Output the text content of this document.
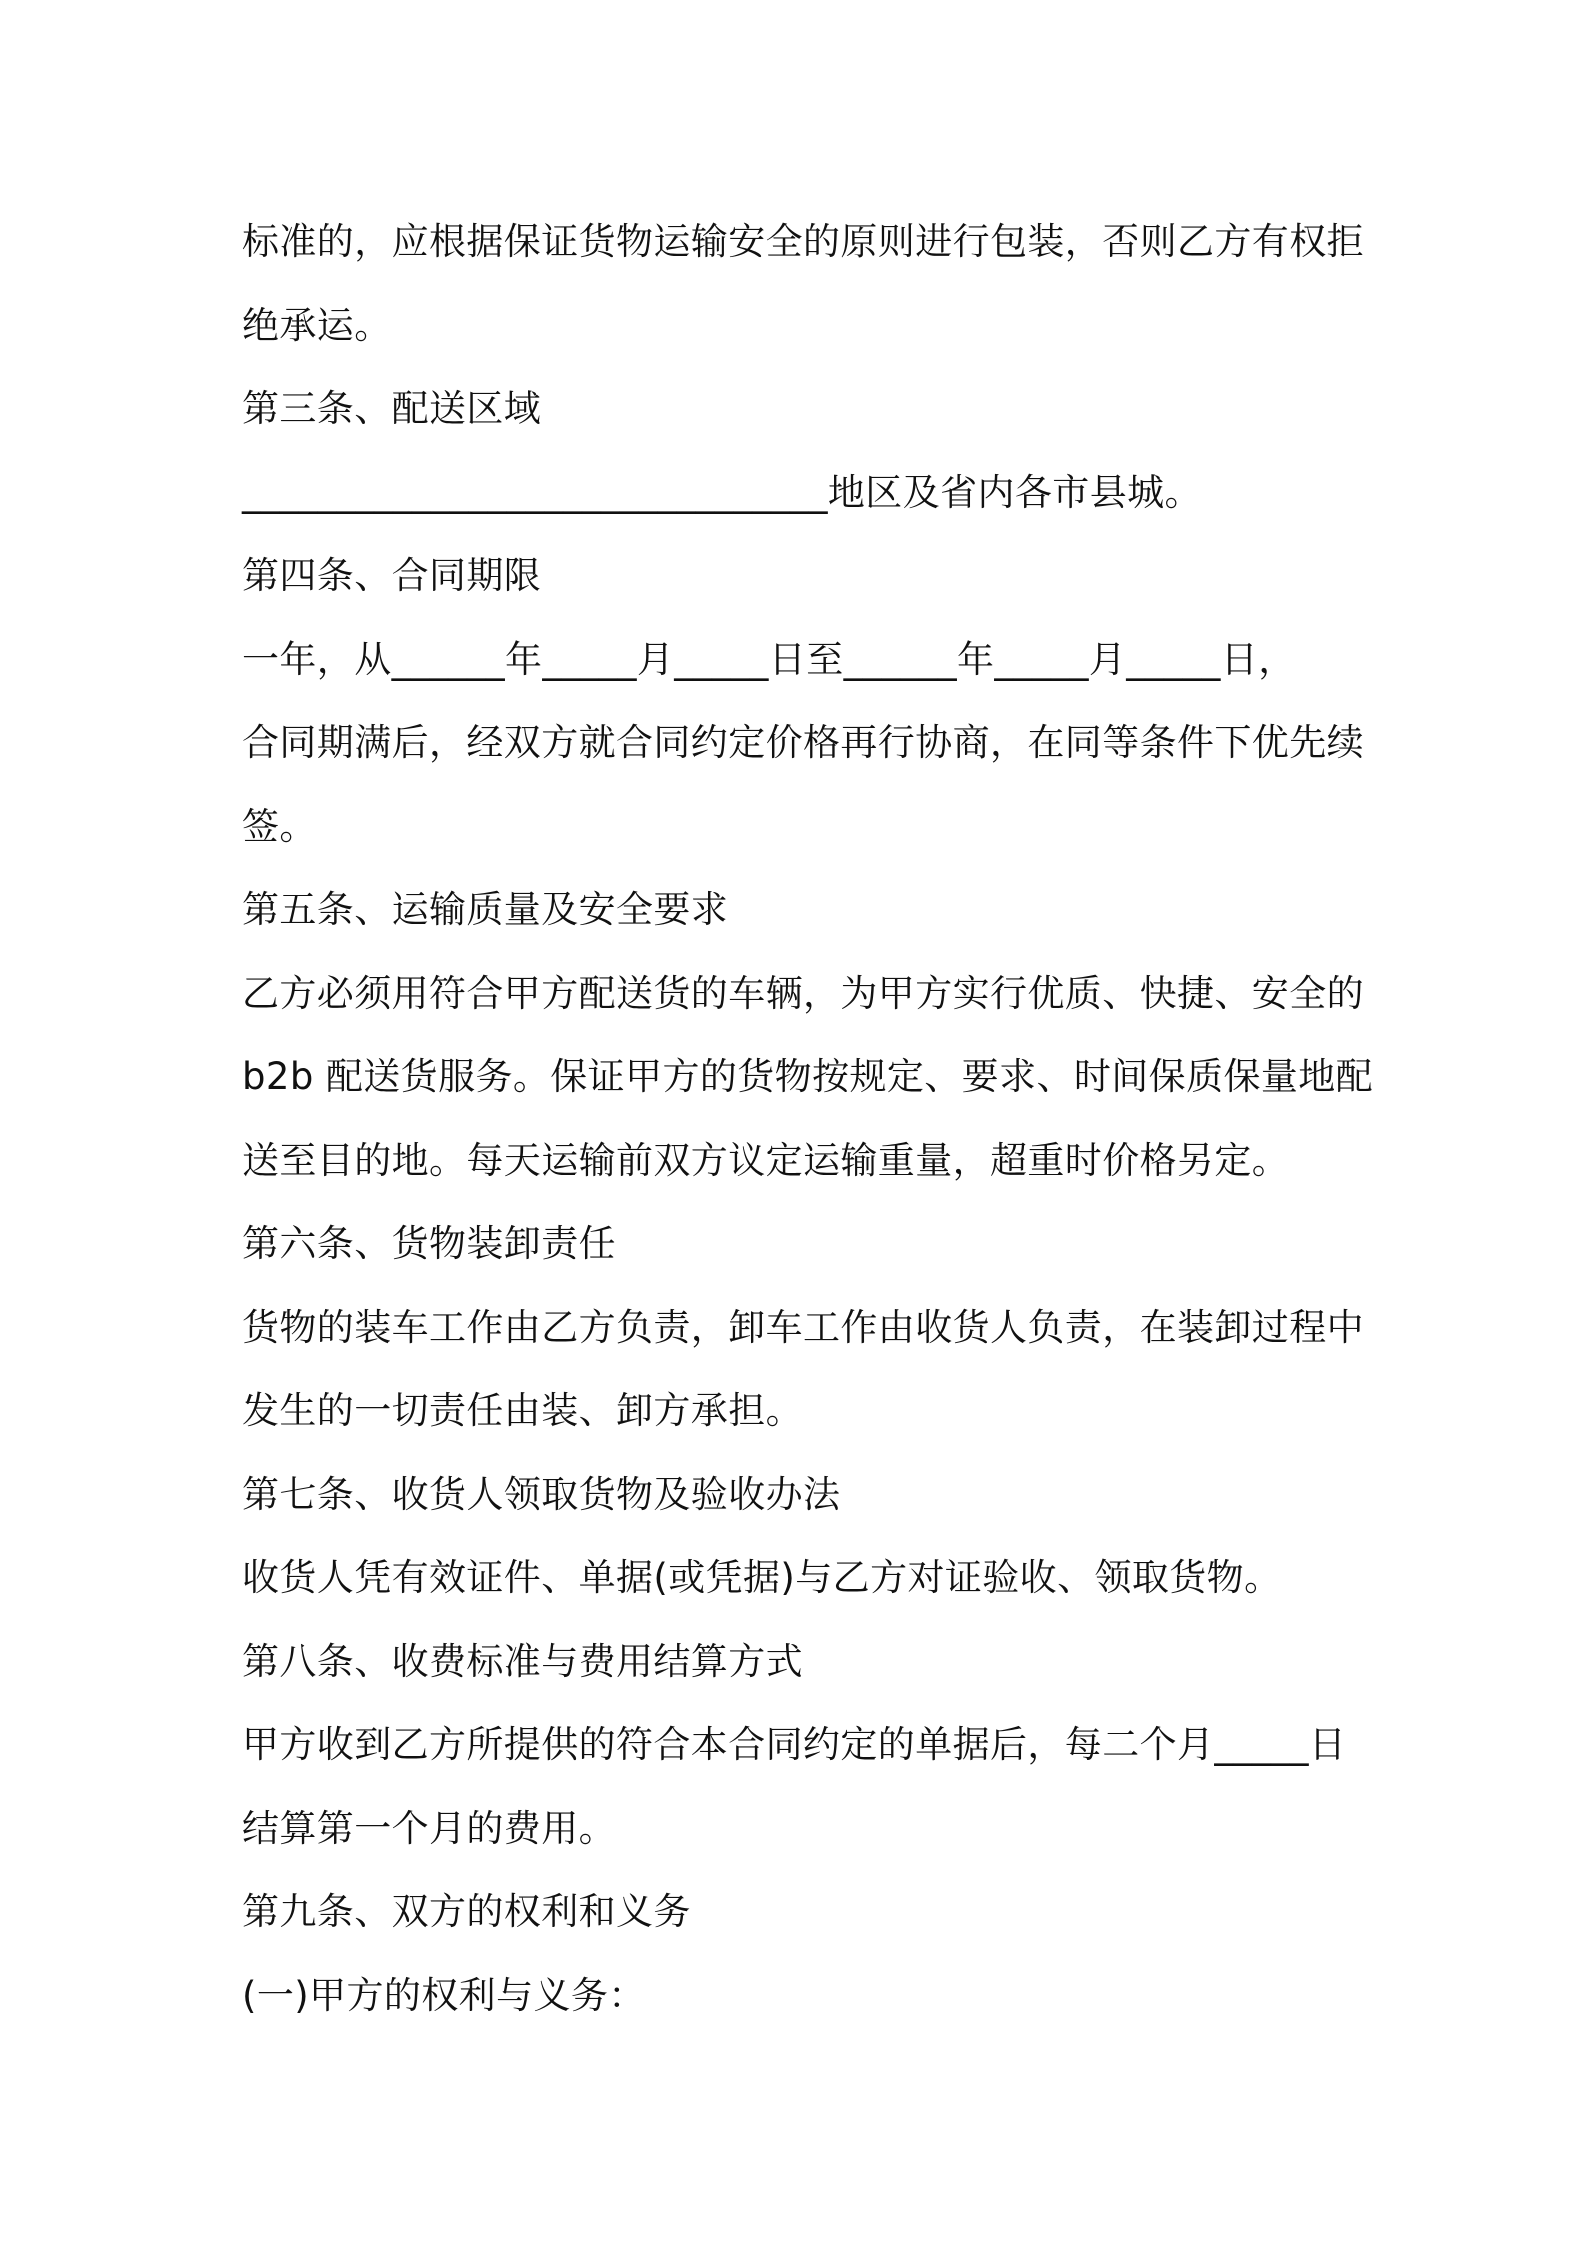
标准的，应根据保证货物运输安全的原则进行包装，否则乙方有权拒
绝承运。
第三条、配送区域
_______________________________地区及省内各市县城。
第四条、合同期限
一年，从______年_____月_____日至______年_____月_____日，
合同期满后，经双方就合同约定价格再行协商，在同等条件下优先续
签。
第五条、运输质量及安全要求
乙方必须用符合甲方配送货的车辆，为甲方实行优质、快捷、安全的
b2b 配送货服务。保证甲方的货物按规定、要求、时间保质保量地配
送至目的地。每天运输前双方议定运输重量，超重时价格另定。
第六条、货物装卸责任
货物的装车工作由乙方负责，卸车工作由收货人负责，在装卸过程中
发生的一切责任由装、卸方承担。
第七条、收货人领取货物及验收办法
收货人凭有效证件、单据(或凭据)与乙方对证验收、领取货物。
第八条、收费标准与费用结算方式
甲方收到乙方所提供的符合本合同约定的单据后，每二个月_____日
结算第一个月的费用。
第九条、双方的权利和义务
(一)甲方的权利与义务：
